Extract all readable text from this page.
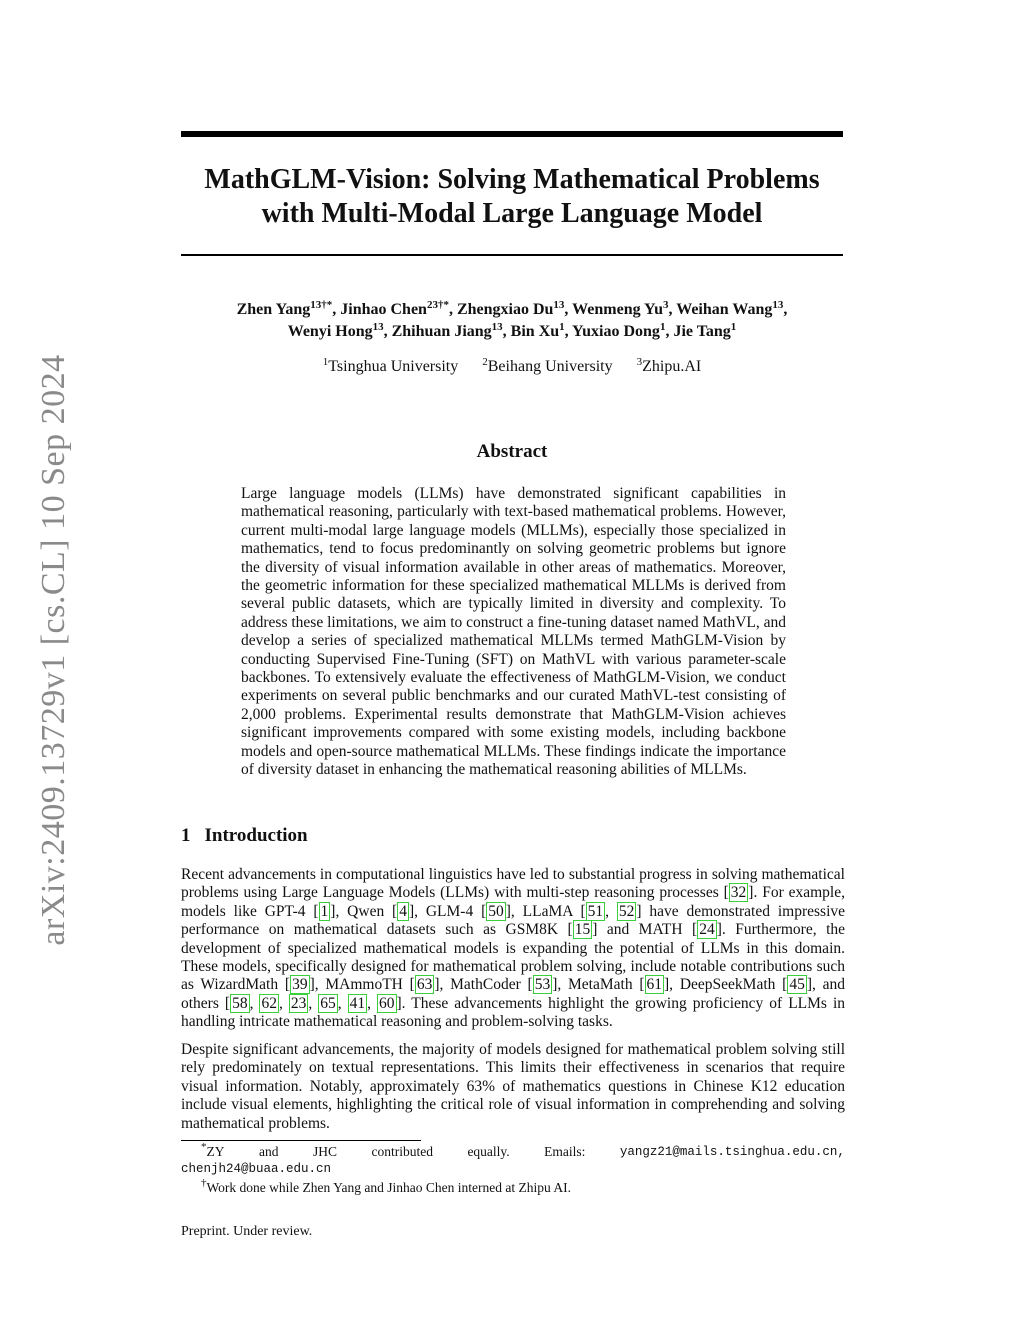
arXiv:2409.13729v1 [cs.CL] 10 Sep 2024
MathGLM-Vision: Solving Mathematical Problems
with Multi-Modal Large Language Model
Zhen Yang$^{13\dagger*}$, Jinhao Chen$^{23\dagger*}$, Zhengxiao Du$^{13}$, Wenmeng Yu$^3$, Weihan Wang$^{13}$,
Wenyi Hong$^{13}$, Zhihuan Jiang$^{13}$, Bin Xu$^1$, Yuxiao Dong$^1$, Jie Tang$^1$
$^1$Tsinghua University $^2$Beihang University $^3$Zhipu.AI
Abstract
Large language models (LLMs) have demonstrated significant capabilities in mathematical reasoning, particularly with text-based mathematical problems. However, current multi-modal large language models (MLLMs), especially those specialized in mathematics, tend to focus predominantly on solving geometric problems but ignore the diversity of visual information available in other areas of mathematics. Moreover, the geometric information for these specialized mathematical MLLMs is derived from several public datasets, which are typically limited in diversity and complexity. To address these limitations, we aim to construct a fine-tuning dataset named MathVL, and develop a series of specialized mathematical MLLMs termed MathGLM-Vision by conducting Supervised Fine-Tuning (SFT) on MathVL with various parameter-scale backbones. To extensively evaluate the effectiveness of MathGLM-Vision, we conduct experiments on several public benchmarks and our curated MathVL-test consisting of 2,000 problems. Experimental results demonstrate that MathGLM-Vision achieves significant improvements compared with some existing models, including backbone models and open-source mathematical MLLMs. These findings indicate the importance of diversity dataset in enhancing the mathematical reasoning abilities of MLLMs.
1 Introduction

Recent advancements in computational linguistics have led to substantial progress in solving mathematical problems using Large Language Models (LLMs) with multi-step reasoning processes [ 32 ]. For example, models like GPT-4 [ 1 ], Qwen [ 4 ], GLM-4 [ 50 ], LLaMA [ 51 , 52 ] have demonstrated impressive performance on mathematical datasets such as GSM8K [ 15 ] and MATH [ 24 ]. Furthermore, the development of specialized mathematical models is expanding the potential of LLMs in this domain. These models, specifically designed for mathematical problem solving, include notable contributions such as WizardMath [ 39 ], MAmmoTH [ 63 ], MathCoder [ 53 ], MetaMath [ 61 ], DeepSeekMath [ 45 ], and others [ 58 , 62 , 23 , 65 , 41 , 60 ]. These advancements highlight the growing proficiency of LLMs in handling intricate mathematical reasoning and problem-solving tasks.

Despite significant advancements, the majority of models designed for mathematical problem solving still rely predominately on textual representations. This limits their effectiveness in scenarios that require visual information. Notably, approximately 63% of mathematics questions in Chinese K12 education include visual elements, highlighting the critical role of visual information in comprehending and solving mathematical problems.

*ZY	and	JHC	contributed	equally.	Emails:	yangz21@mails.tsinghua.edu.cn,
chenjh24@buaa.edu.cn
†Work done while Zhen Yang and Jinhao Chen interned at Zhipu AI.
Preprint. Under review.
